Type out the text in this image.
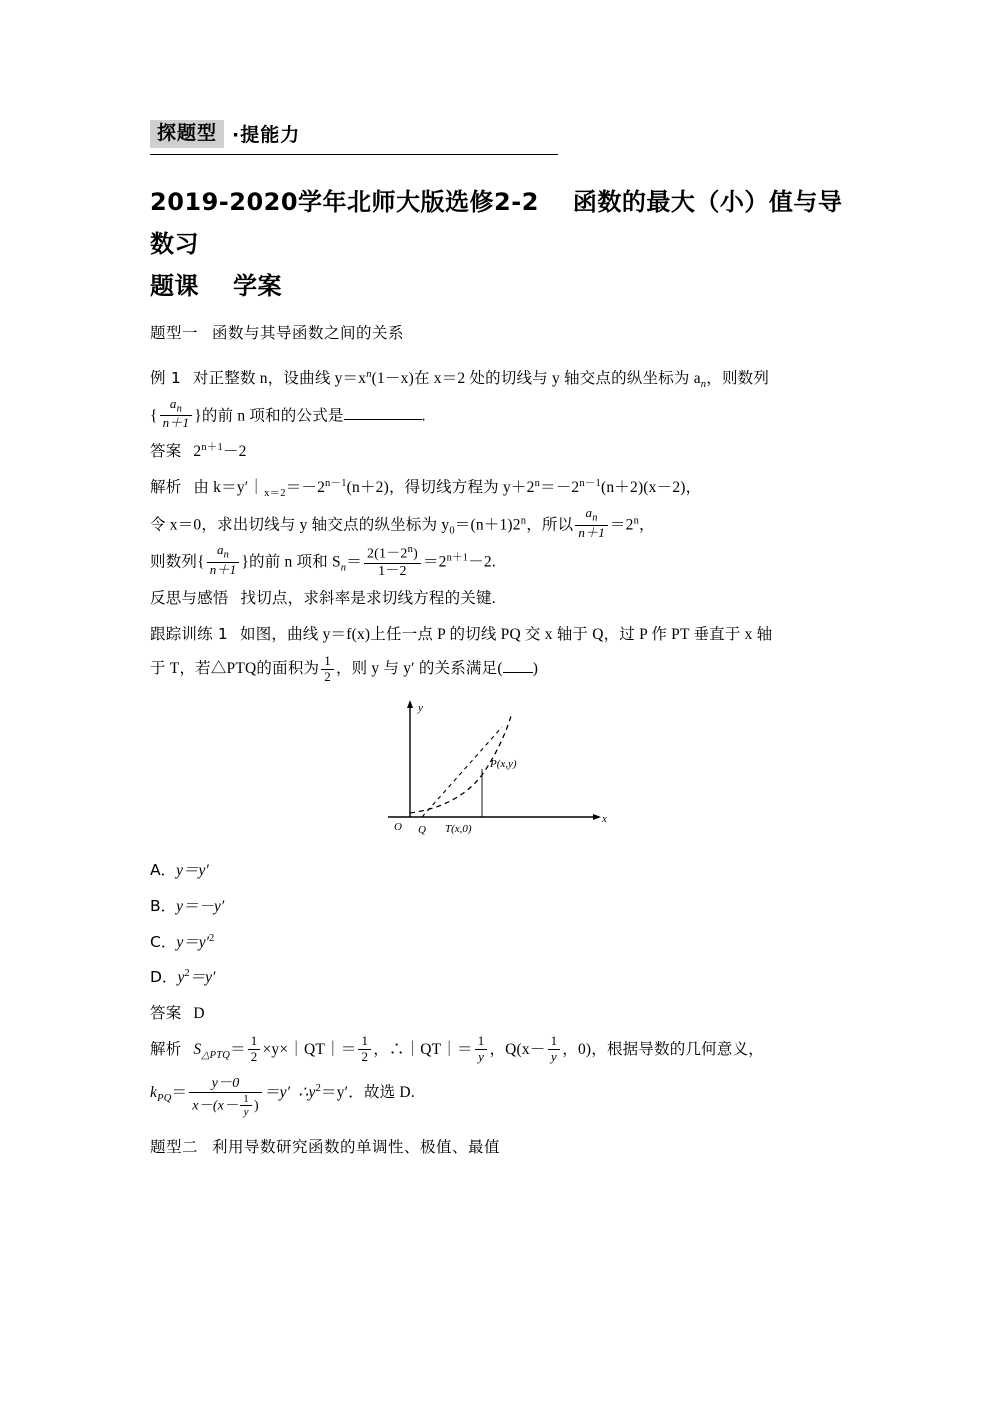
探题型 ·提能力
2019-2020学年北师大版选修2-2 函数的最大（小）值与导数习
题课 学案
题型一 函数与其导函数之间的关系

例 1 对正整数 n，设曲线 $y=x^n(1-x)$在 x＝2 处的切线与 y 轴交点的纵坐标为 $a_n$，则数列

{ $\frac{a_n}{n+1}$ }的前 n 项和的公式是	.

答案 $2^{n+1}-2$

解析 由 $k=y'|_{x=2}=-2^{n-1}(n+2)$，得切线方程为 $y+2^n=-2^{n-1}(n+2)(x-2)$，

令 x＝0，求出切线与 y 轴交点的纵坐标为 $y_0=(n+1)2^n$，所以 $\frac{a_n}{n+1} =2^n$，

则数列{ $\frac{a_n}{n+1}$ }的前 n 项和 $S_n= \frac{2(1-2^n)}{1-2} =2^{n+1}-2$.

反思与感悟 找切点，求斜率是求切线方程的关键.

跟踪训练 1 如图，曲线 y＝f(x)上任一点 P 的切线 PQ 交 x 轴于 Q，过 P 作 PT 垂直于 x 轴

于 T，若△PTQ的面积为 $\frac{1}{2}$ ，则 y 与 y′ 的关系满足( )

y
x
O Q T(x,0)
P(x,y)

A．y＝y′

B．y＝－y′

C．$y=y'^2$

D．$y^2=y'$

答案 D

解析 $S_{\triangle PTQ}= \frac{1}{2}$ ×y×｜QT｜＝ $\frac{1}{2}$ ，∴｜QT｜＝ $\frac{1}{y}$ ，$Q(x- \frac{1}{y}$ ，0)，根据导数的几何意义，

$k_{PQ}= \frac{y-0}{x-(x- \frac{1}{y} )} =y'$ $\therefore y^2=y'$．故选 D.

题型二 利用导数研究函数的单调性、极值、最值
